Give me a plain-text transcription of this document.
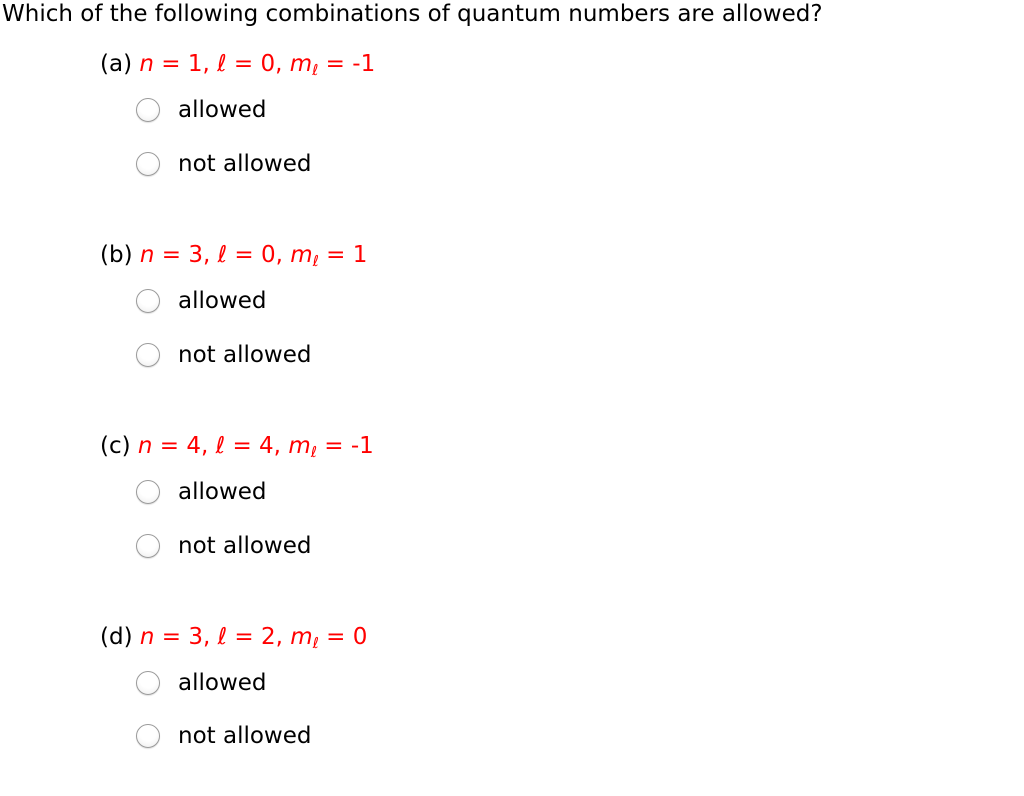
Which of the following combinations of quantum numbers are allowed?
(a) n = 1, ℓ = 0, mℓ = -1
allowed
not allowed
(b) n = 3, ℓ = 0, mℓ = 1
allowed
not allowed
(c) n = 4, ℓ = 4, mℓ = -1
allowed
not allowed
(d) n = 3, ℓ = 2, mℓ = 0
allowed
not allowed
